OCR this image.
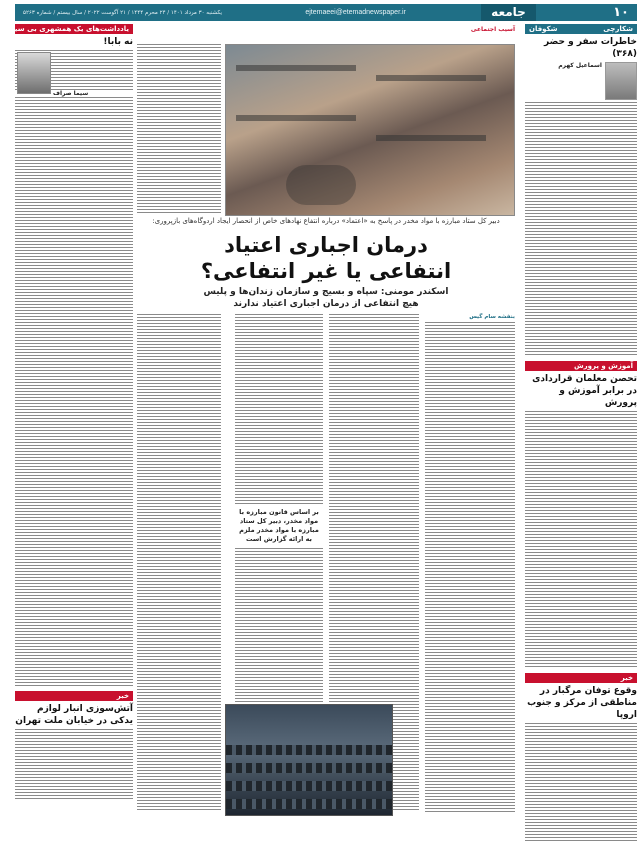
۱۰
جامعه
ejtemaeei@etemadnewspaper.ir
یکشنبه ۳۰ مرداد ۱۴۰۱ / ۲۴ محرم ۱۴۴۴ / ۲۱ آگوست ۲۰۲۲ / سال بیستم / شماره ۵۲۶۳
شکارچی
شکوفان
خاطرات سفر و حضر (۳۶۸)
اسماعیل کهرم
آموزش و پرورش
تحصن معلمان قراردادی در برابر آموزش و پرورش
خبر
وقوع توفان مرگبار در مناطقی از مرکز و جنوب اروپا
یادداشت‌های یک همشهری بی سیست
نه بابا!
سیما صراف
خبر
آتش‌سوزی انبار لوازم یدکی در خیابان ملت تهران
آسیب اجتماعی
دبیر کل ستاد مبارزه با مواد مخدر در پاسخ به «اعتماد» درباره انتفاع نهادهای خاص از انحصار ایجاد اردوگاه‌های بازپروری:
درمان اجباری اعتیاد
انتفاعی یا غیر انتفاعی؟
اسکندر مومنی: سپاه و بسیج و سازمان زندان‌ها و پلیس
هیچ انتفاعی از درمان اجباری اعتیاد ندارند
بنفشه سام گیس
بر اساس قانون مبارزه با مواد مخدر، دبیر کل ستاد مبارزه با مواد مخدر ملزم به ارائه گزارش است
